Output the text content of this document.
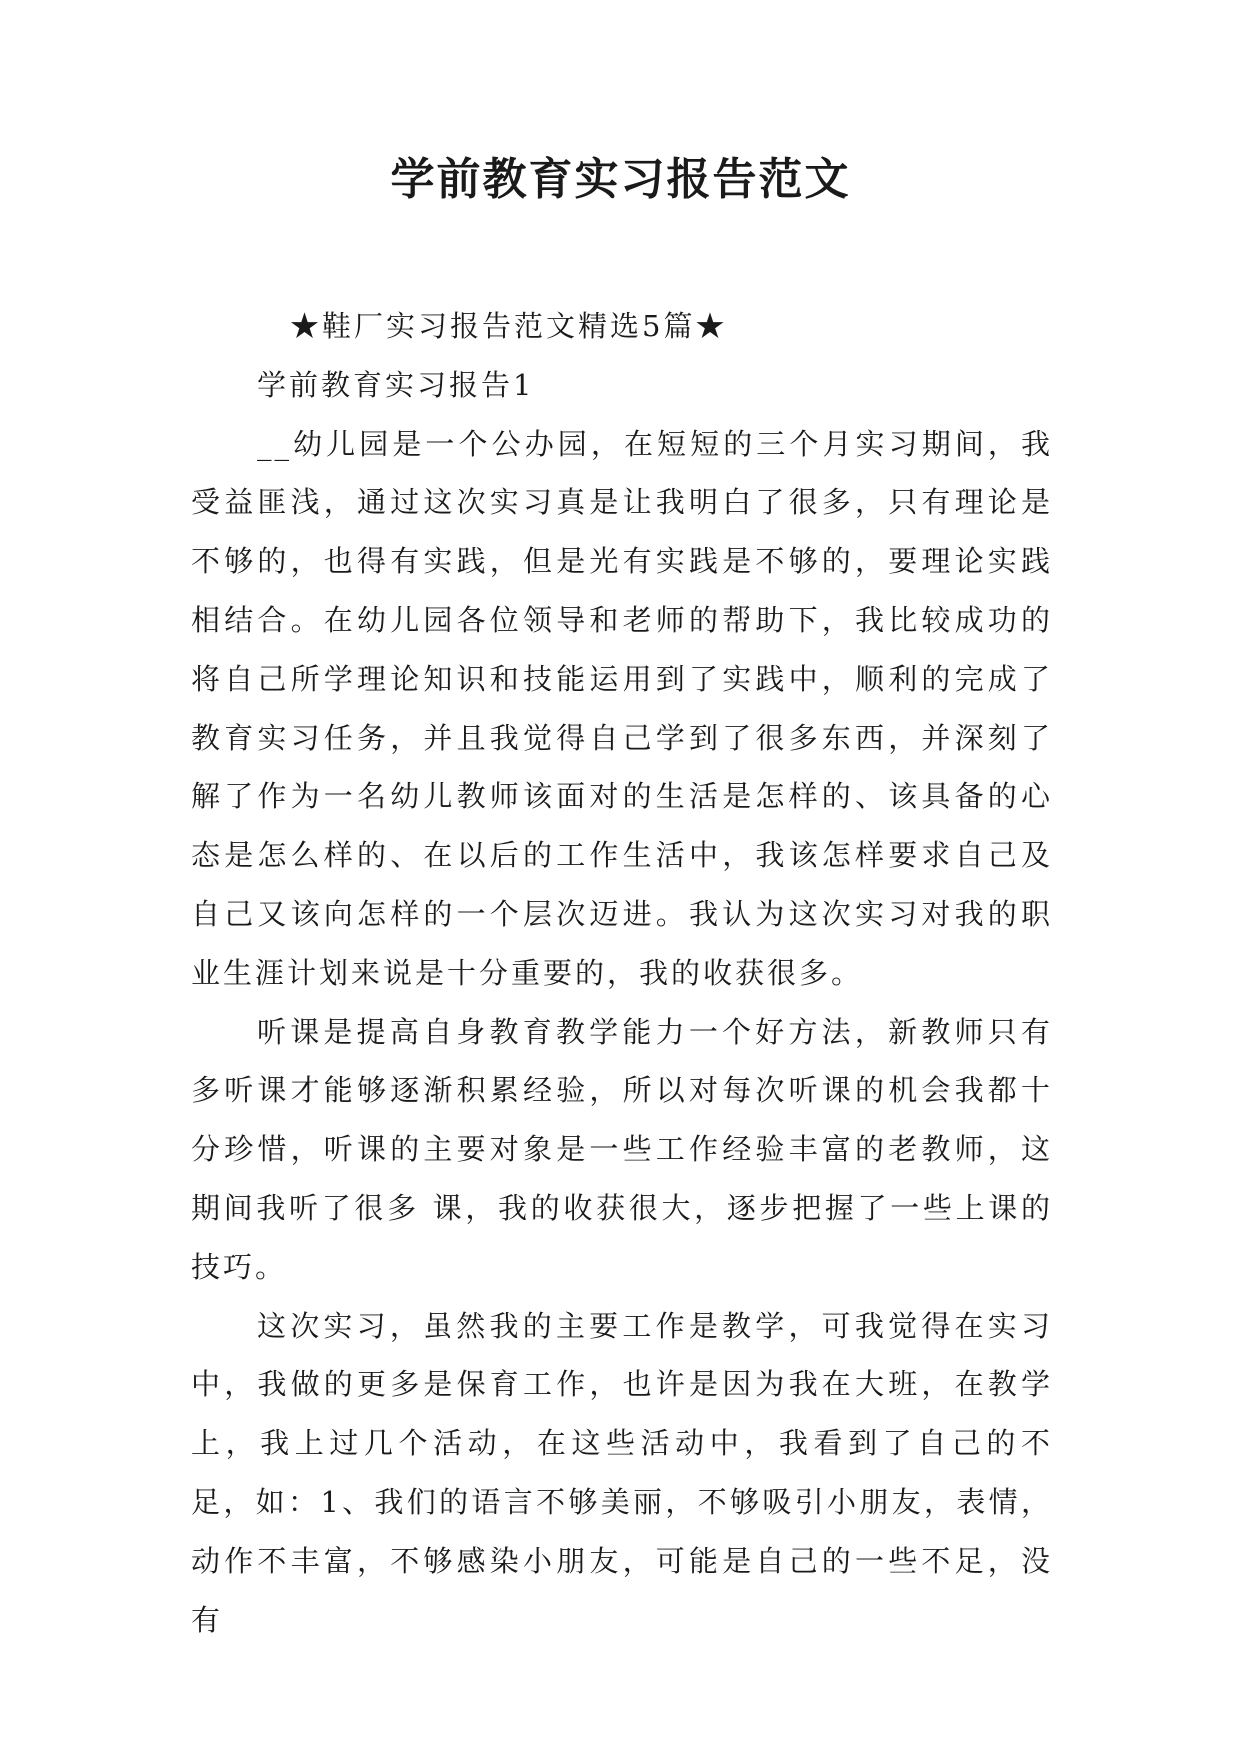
学前教育实习报告范文

★鞋厂实习报告范文精选5篇★

学前教育实习报告1

__幼儿园是一个公办园，在短短的三个月实习期间，我受益匪浅，通过这次实习真是让我明白了很多，只有理论是不够的，也得有实践，但是光有实践是不够的，要理论实践相结合。在幼儿园各位领导和老师的帮助下，我比较成功的将自己所学理论知识和技能运用到了实践中，顺利的完成了教育实习任务，并且我觉得自己学到了很多东西，并深刻了解了作为一名幼儿教师该面对的生活是怎样的、该具备的心态是怎么样的、在以后的工作生活中，我该怎样要求自己及自己又该向怎样的一个层次迈进。我认为这次实习对我的职业生涯计划来说是十分重要的，我的收获很多。

听课是提高自身教育教学能力一个好方法，新教师只有多听课才能够逐渐积累经验，所以对每次听课的机会我都十分珍惜，听课的主要对象是一些工作经验丰富的老教师，这期间我听了很多 课，我的收获很大，逐步把握了一些上课的技巧。

这次实习，虽然我的主要工作是教学，可我觉得在实习中，我做的更多是保育工作，也许是因为我在大班，在教学上，我上过几个活动，在这些活动中，我看到了自己的不足，如：1、我们的语言不够美丽，不够吸引小朋友，表情，动作不丰富，不够感染小朋友，可能是自己的一些不足，没有
